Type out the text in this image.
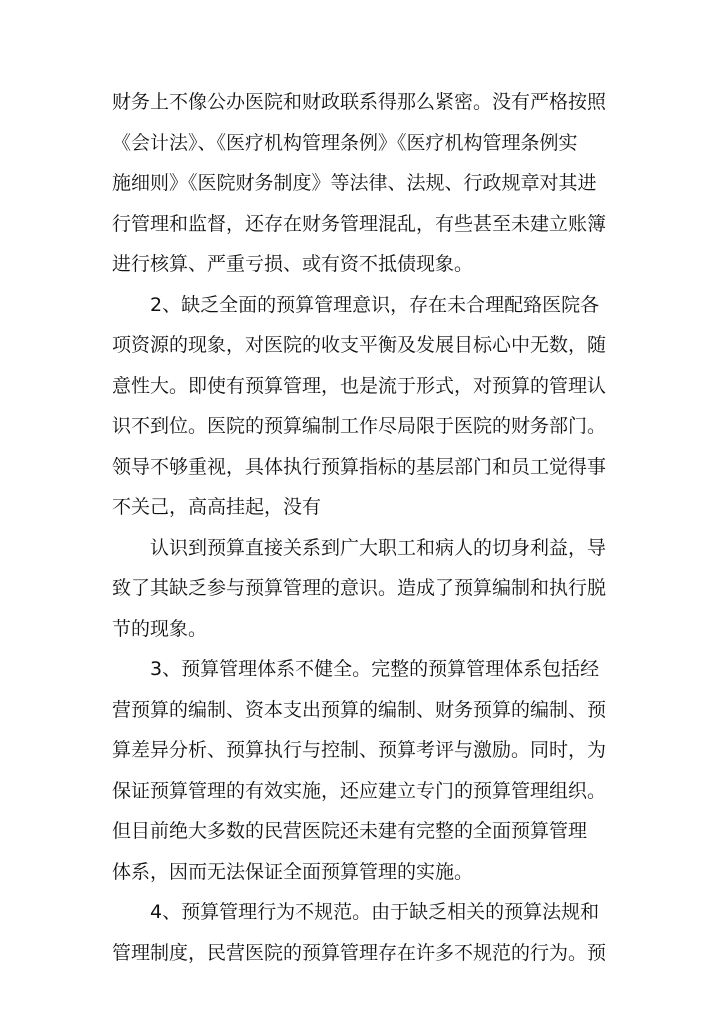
财务上不像公办医院和财政联系得那么紧密。没有严格按照
《会计法》、《医疗机构管理条例》《医疗机构管理条例实
施细则》《医院财务制度》等法律、法规、行政规章对其进
行管理和监督，还存在财务管理混乱，有些甚至未建立账簿
进行核算、严重亏损、或有资不抵债现象。
2、缺乏全面的预算管理意识，存在未合理配臵医院各
项资源的现象，对医院的收支平衡及发展目标心中无数，随
意性大。即使有预算管理，也是流于形式，对预算的管理认
识不到位。医院的预算编制工作尽局限于医院的财务部门。
领导不够重视，具体执行预算指标的基层部门和员工觉得事
不关己，高高挂起，没有
认识到预算直接关系到广大职工和病人的切身利益，导
致了其缺乏参与预算管理的意识。造成了预算编制和执行脱
节的现象。
3、预算管理体系不健全。完整的预算管理体系包括经
营预算的编制、资本支出预算的编制、财务预算的编制、预
算差异分析、预算执行与控制、预算考评与激励。同时，为
保证预算管理的有效实施，还应建立专门的预算管理组织。
但目前绝大多数的民营医院还未建有完整的全面预算管理
体系，因而无法保证全面预算管理的实施。
4、预算管理行为不规范。由于缺乏相关的预算法规和
管理制度，民营医院的预算管理存在许多不规范的行为。预
